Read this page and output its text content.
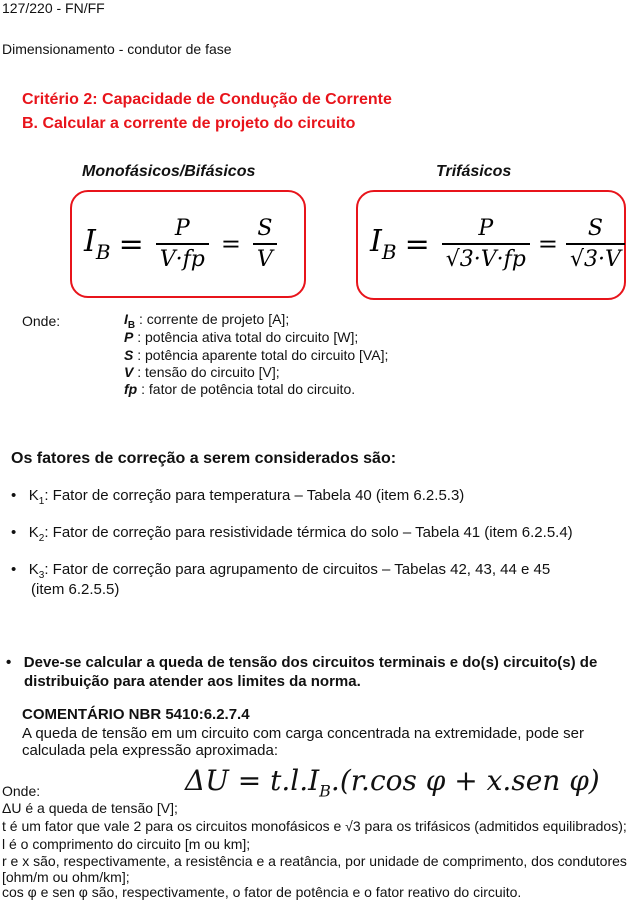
127/220 - FN/FF
Dimensionamento - condutor de fase
Critério 2: Capacidade de Condução de Corrente
B. Calcular a corrente de projeto do circuito
Monofásicos/Bifásicos	Trifásicos
$I_B = \frac{P}{V\cdot fp} = \frac{S}{V}$	$I_B = \frac{P}{√3\cdot V\cdot fp} = \frac{S}{√3\cdot V}$
Onde:	$I_B$ : corrente de projeto [A];
P : potência ativa total do circuito [W];
S : potência aparente total do circuito [VA];
V : tensão do circuito [V];
fp : fator de potência total do circuito.
Os fatores de correção a serem considerados são:
•   $K_1$: Fator de correção para temperatura – Tabela 40 (item 6.2.5.3)
•   $K_2$: Fator de correção para resistividade térmica do solo – Tabela 41 (item 6.2.5.4)
•   $K_3$: Fator de correção para agrupamento de circuitos – Tabelas 42, 43, 44 e 45
(item 6.2.5.5)
•   Deve-se calcular a queda de tensão dos circuitos terminais e do(s) circuito(s) de
distribuição para atender aos limites da norma.
COMENTÁRIO NBR 5410:6.2.7.4
A queda de tensão em um circuito com carga concentrada na extremidade, pode ser
calculada pela expressão aproximada:
$\Delta U = t.l.I_B.(r.\cos$ φ + x.sen φ)
Onde:
ΔU é a queda de tensão [V];
t é um fator que vale 2 para os circuitos monofásicos e √3 para os trifásicos (admitidos equilibrados);
l é o comprimento do circuito [m ou km];
r e x são, respectivamente, a resistência e a reatância, por unidade de comprimento, dos condutores
[ohm/m ou ohm/km];
cos φ e sen φ são, respectivamente, o fator de potência e o fator reativo do circuito.
